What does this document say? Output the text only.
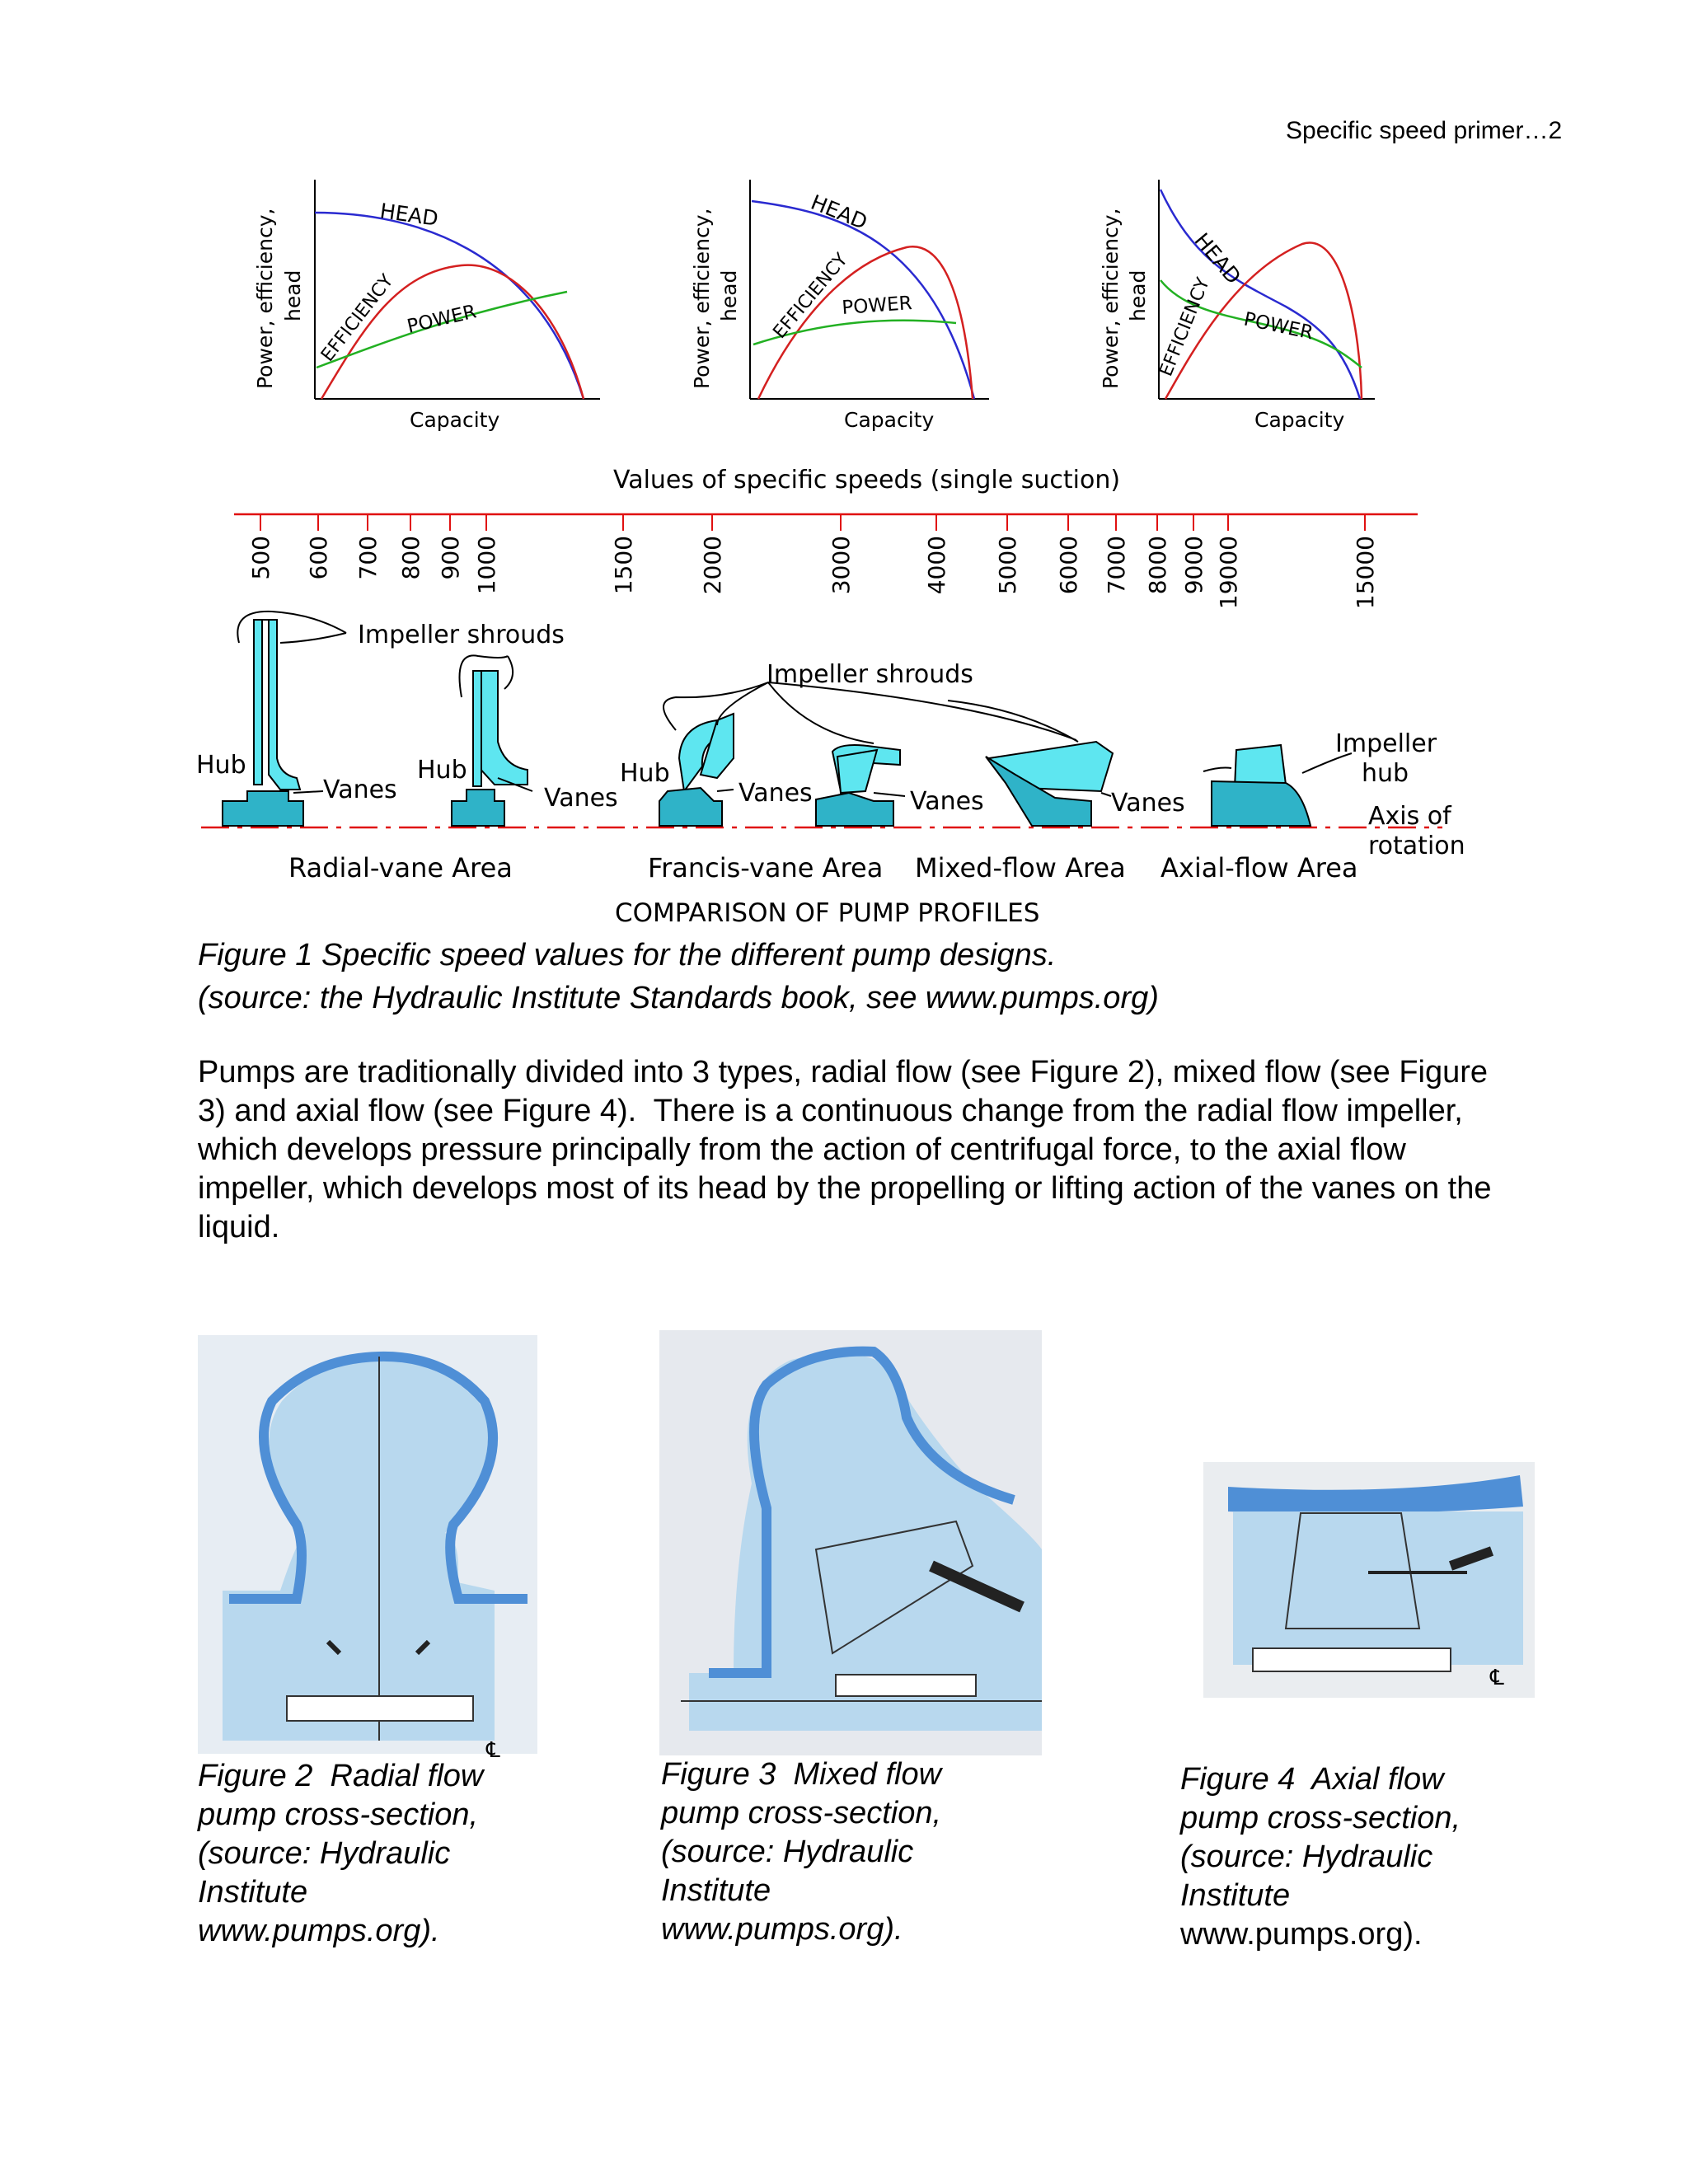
Specific speed primer…2
HEAD
EFFICIENCY POWER
Power, efficiency, head
Capacity
HEAD
EFFICIENCY
POWER
Power, efficiency, head
Capacity
HEAD
EFFICIENCY POWER
Power, efficiency, head
Capacity
Values of specific speeds (single suction)
500 600 700 800 900 1000	1500	2000	3000	4000 5000 6000 7000 8000 9000 19000	15000
Impeller shrouds
Impeller shrouds
Hub	Hub	Hub
Vanes	Vanes	Vanes	Vanes	Vanes
Impeller
hub
Axis of
rotation
Radial-vane Area	Francis-vane Area Mixed-flow Area Axial-flow Area
COMPARISON OF PUMP PROFILES
℄
℄
Figure 1 Specific speed values for the different pump designs.
(source: the Hydraulic Institute Standards book, see www.pumps.org)
Pumps are traditionally divided into 3 types, radial flow (see Figure 2), mixed flow (see Figure
3) and axial flow (see Figure 4).  There is a continuous change from the radial flow impeller,
which develops pressure principally from the action of centrifugal force, to the axial flow
impeller, which develops most of its head by the propelling or lifting action of the vanes on the
liquid.
Figure 2  Radial flow
pump cross-section,
(source: Hydraulic
Institute
www.pumps.org).
Figure 3  Mixed flow
pump cross-section,
(source: Hydraulic
Institute
www.pumps.org).
Figure 4  Axial flow
pump cross-section,
(source: Hydraulic
Institute
www.pumps.org).
